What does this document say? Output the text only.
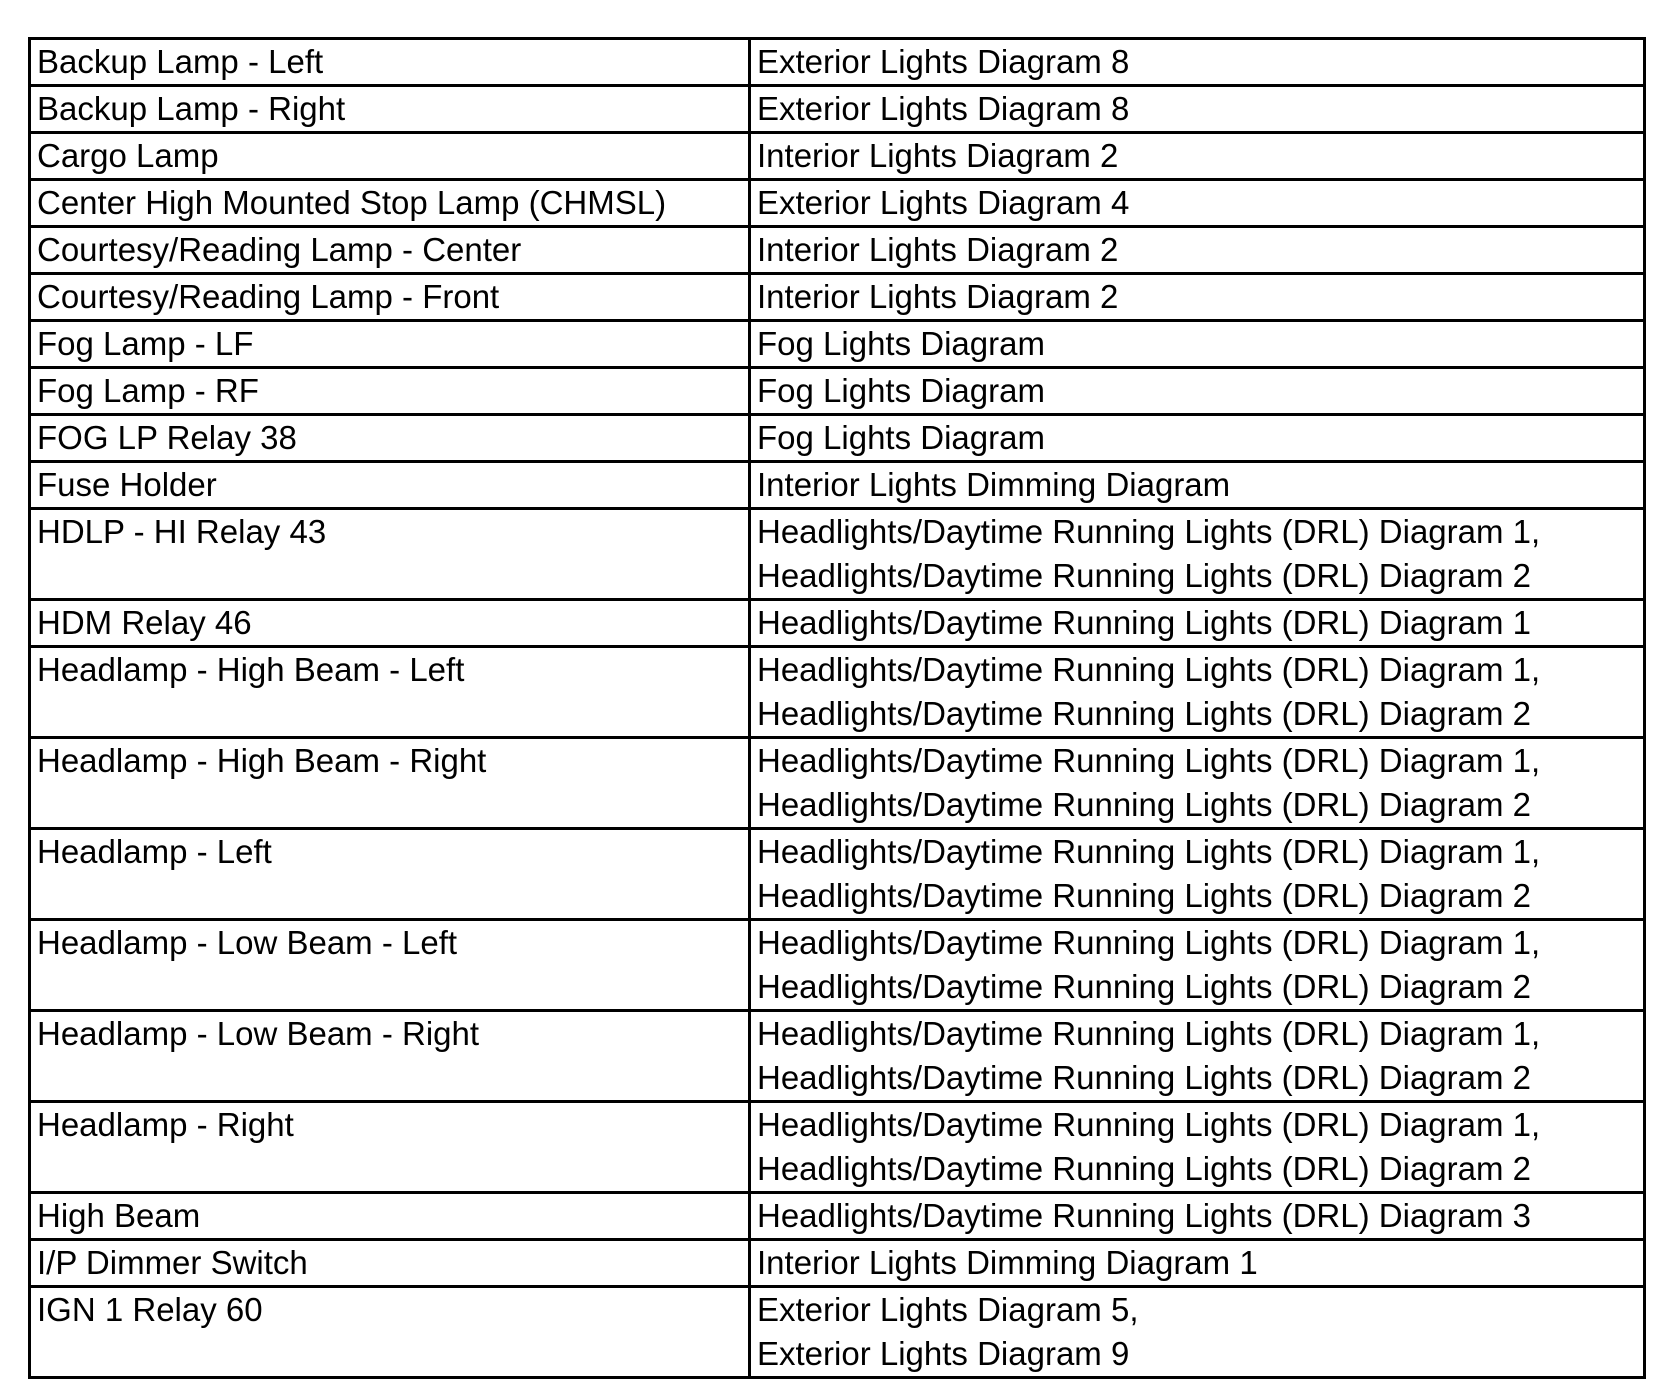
Backup Lamp - Left	Exterior Lights Diagram 8

Backup Lamp - Right	Exterior Lights Diagram 8

Cargo Lamp	Interior Lights Diagram 2

Center High Mounted Stop Lamp (CHMSL)	Exterior Lights Diagram 4

Courtesy/Reading Lamp - Center	Interior Lights Diagram 2

Courtesy/Reading Lamp - Front	Interior Lights Diagram 2

Fog Lamp - LF	Fog Lights Diagram

Fog Lamp - RF	Fog Lights Diagram

FOG LP Relay 38	Fog Lights Diagram

Fuse Holder	Interior Lights Dimming Diagram

HDLP - HI Relay 43	Headlights/Daytime Running Lights (DRL) Diagram 1,
Headlights/Daytime Running Lights (DRL) Diagram 2

HDM Relay 46	Headlights/Daytime Running Lights (DRL) Diagram 1

Headlamp - High Beam - Left	Headlights/Daytime Running Lights (DRL) Diagram 1,
Headlights/Daytime Running Lights (DRL) Diagram 2

Headlamp - High Beam - Right	Headlights/Daytime Running Lights (DRL) Diagram 1,
Headlights/Daytime Running Lights (DRL) Diagram 2

Headlamp - Left	Headlights/Daytime Running Lights (DRL) Diagram 1,
Headlights/Daytime Running Lights (DRL) Diagram 2

Headlamp - Low Beam - Left	Headlights/Daytime Running Lights (DRL) Diagram 1,
Headlights/Daytime Running Lights (DRL) Diagram 2

Headlamp - Low Beam - Right	Headlights/Daytime Running Lights (DRL) Diagram 1,
Headlights/Daytime Running Lights (DRL) Diagram 2

Headlamp - Right	Headlights/Daytime Running Lights (DRL) Diagram 1,
Headlights/Daytime Running Lights (DRL) Diagram 2

High Beam	Headlights/Daytime Running Lights (DRL) Diagram 3

I/P Dimmer Switch	Interior Lights Dimming Diagram 1

IGN 1 Relay 60	Exterior Lights Diagram 5,
Exterior Lights Diagram 9
